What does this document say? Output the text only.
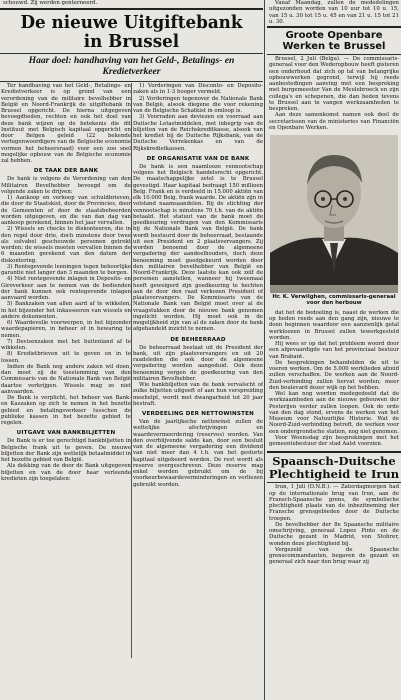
schouwd. Zij werden genterneerd.
De nieuwe Uitgiftebank in Brussel
Haar doel: handhaving van het Geld-, Betalings- en Kredietverkeer

Ter handhaving van het Geld-, Betalings- en Kredietverkeer is op grond van een verordening van de militaire bevelhebber in België en Noord-Frankrijk de uitgiftebank in Brussel opgericht. De hierna uitgegeven bevoegdheden, rechten en ook het doel van deze bank wijzen op de betekenis die dit Instituut met Belgisch kapitaal opgericht en door Belgen geleid (22 bekende vertegenwoordigers van de Belgische economie vormen het beheersraad) voor een zoo snel mogelijke opbouw van de Belgische economie zal hebben.

DE TAAK DER BANK

De bank is volgens de Verordening van den Militairen Bevelhebber bevoegd om de volgende zaken te drijven:

1) Aankoop en verkoop van schuldbrieven, die door de Staatskist, door de Provincies, door de Gemeenten of door de staatsbeheerden worden uitgegeven, en die van dan dag van aankoop gerekend, binnen het jaar vervallen.

2) Wissels en checks te diskonteeren, die in den regel door drie, doch minstens door twee als solvabel geschouwde personen getrokt werden; de wissels moeten vervallen binnen de 6 maanden gerekend van den datum der diskontering.

3) Rentegevende leeningen tegen behoorlijke garantie niet langer dan 3 maanden te borgen.

4) Niet rentegevende inlagen in Deposito- en Giroverkeer aan te nemen van de bedienden der bank kunnen ook rentegevende inlagen aanvaard worden.

5) Bankzaken van allen aard af te wikkelen, in het bijzonder het inkasseeren van wissels en andere dokumenten.

6) Waardevolle voorwerpen, in het bijzonder waardepapieren, in beheer of in bewaring te nemen.

7) Devisenzaken met het buitenland af te wikkelen.

8) Kredietbrieven uit te geven en in te lossen.

Indien de Bank nog andere zaken wil doen, dan moet zij de toestemming van den Commissaris van de Nationale Bank van België daartoe verkrijgen. Wissels mag ze niet aanvaarden.

De Bank is verplicht, het beheer van Bank- en Kaszaken op zich te nemen in het bezette gebied en betalingsverkeer tusschen de publieke kassen in het bezette gebied te regelen.

UITGAVE VAN BANKBILJETTEN

De Bank is er toe gerechtigd bankbiljetten in Belgische frank uit te geven. De nieuwe biljetten der Bank zijn wettelijk betaalmiddel in het bezette gebied van België.

Als dekking van de door de Bank uitgegeven biljetten en van de door haar verleende kredieten zijn toegelaten:

1) Vorderingen van Disconto- en Deposito-zaken als in 1-3 hooger vermeld.

2) Vorderingen tegenover de Nationale Bank van België, alsook diegene die voor rekening van de Belgische Schatkist in omloop is.

3) Voorraden aan deviezen en voorraad aan Duitsche Letastmiddelen, met inbegrip van de biljetten van de Reichskreditkasse, alsook van het krediet bij de Duitsche Rijksbank, van de Duitsche Verrekenkas en van de Rijkskredietkassen.

DE ORGANISATIE VAN DE BANK

De bank is een naamlooze vennootschap volgens het Belgisch handelsrecht opgericht. De maatschappelijke zetel is te Brussel gevestigd. Haar kapitaal bedraagt 150 millioen Belg. Frank en is verdeeld in 15.000 aktiën van elk 10.000 Belg. frank waarde. De aktiën zijn in volstand naamsaandelen. Bij de stichting der vennootschap is minstens 70 t.h. van de aktiën betaald. Het statuut van de bank moet de goedkeuring verdragen van den Kommissaris bij de Nationale Bank van België. De bank wordt bestuurd door de beheerraad, bestaande uit een President en 2 plaatsvervangers. Zij worden benoemd door de algemeene vergadering der aandeelhouders, doch deze benoeming moet goedgekeurd worden door den militairen bevelhebber van België en Noord-Frankrijk. Deze laatste kan ook zelf de personen aanstellen, wanneer hij tweemaal heeft geweigerd zijn goedkeuring te hechten aan de door den raad verkozen President of plaatsvervangers. De Kommissaris van de Nationale Bank van België moet over al de vraagstukken door de nieuwe bank genomen ingelicht worden. Hij moet ook in de mogelijkheid zijn van al de zaken door de bank afgehandeld inzicht te nemen.

DE BEHEERRAAD

De beheerraad bestaat uit de President der bank, uit zijn plaatsvervangers en uit 20 raadsleden die ook door de algemeene vergadering worden aangeduid. Ook deze benoeming vergen de goedkeuring van den militairen Bevelhebber.

Wie bankbiljetten van de bank vervalscht of zulke biljetten uitgeeft of aan hun verspreiding meehelpt, wordt met dwangarbeid tot 20 jaar bestraft.

VERDEELING DER NETTOWINSTEN

Van de jaarlijksche nettowinst zullen de wettelijke afschrijvingen en waardevermeerdering (reserves) worden. Van den overblijvende saldo kan, door een besluit van de algemeene vergadering een dividend van niet meer dan 4 t.h. van het gestorte kapitaal uitgekeerd worden. De rest wordt als reserve overgeschreven. Deze reserve mag enkel worden gebruikt om de bij voorkeurbewaardeverminderingen en verliezen gebruikt worden.

Vanaf Maandag, zullen de mededelingen uitgezonden worden van 10 uur tot 10 u. 15, van 15 u. 30 tot 15 u. 45 en van 21 u. 15 tot 21 u. 30.

Groote Openbare Werken te Brussel

Brussel, 2 Juli (Belga). — De commissaris-generaal voor den Wederopbouw heeft gisteren een onderhoud dat zich op tal van belangrijke opbouwwerken gegrond, terwijl hij reeds aanbestedingen aanving met een bespreking met burgemeester Van de Meulebroeck en zijn collega's en schepenen, die dan heden tevens te Brussel aan te vangen werkzaamheden te bespreken.

Aan deze samenkomst namen ook deel de secretarissen van de ministeries van Financiën en Openbare Werken.

Hr. K. Verwilghen, commissaris-generaal voor den herbouw

dat het de bedoeling is, naast de werken die op heden reeds aan den gang zijn, nieuwe te doen beginnen waardoor een aanzienlijk getal werkloozen in Brussel zullen tewerkgesteld worden.

Hij wees er op dat het probleem woord door een afgevaardigde van het provinciaal bestuur van Brabant.

De besprekingen behandelden de uit te voeren werken. Om de 5.000 werklieden afzeid zullen verschaffen. De werken aan de Noord-Zuid-verbinding zullen hervat worden; meer den boulevard dezer wijk op het hebben.

Wel kan nog worden medegedeeld dat de werkzaamheden aan de nieuwe gebouwen der Posterijen verder zullen loopen. Ook de orde van den dag stond, ervens de werken van het Museum voor Natuurlijke Historie. Wat de Noord-Zuid-verbinding betreft, de werken voor een ondergrondsche station, nog niet genomen.

Voor Woensdag zijn besprekingen met het gemeentebestuur der stad Aalst voorzien.

Spaansch-Duitsche Plechtigheid te Irun

Irun, 1 Juli (D.N.B.). — Zaterdagmorgen had op de internationale brug van Irun, aan de Fransch-Spaansche grens, de symbolische plechtigheid plaats van de inbezitneming der Fransche grensgebieden door de Duitsche troepen.

De bevelhebber der 8e Spaansche militaire omschrijving, generaal Lopez Pinto en de Duitsche gezant in Madrid, von Stohrer, wonden deze plechtigheid bij.

Vergezeld van de Spaansche grenscommandanten, begaven de gezant en generaal zich naar den brug waar zij
